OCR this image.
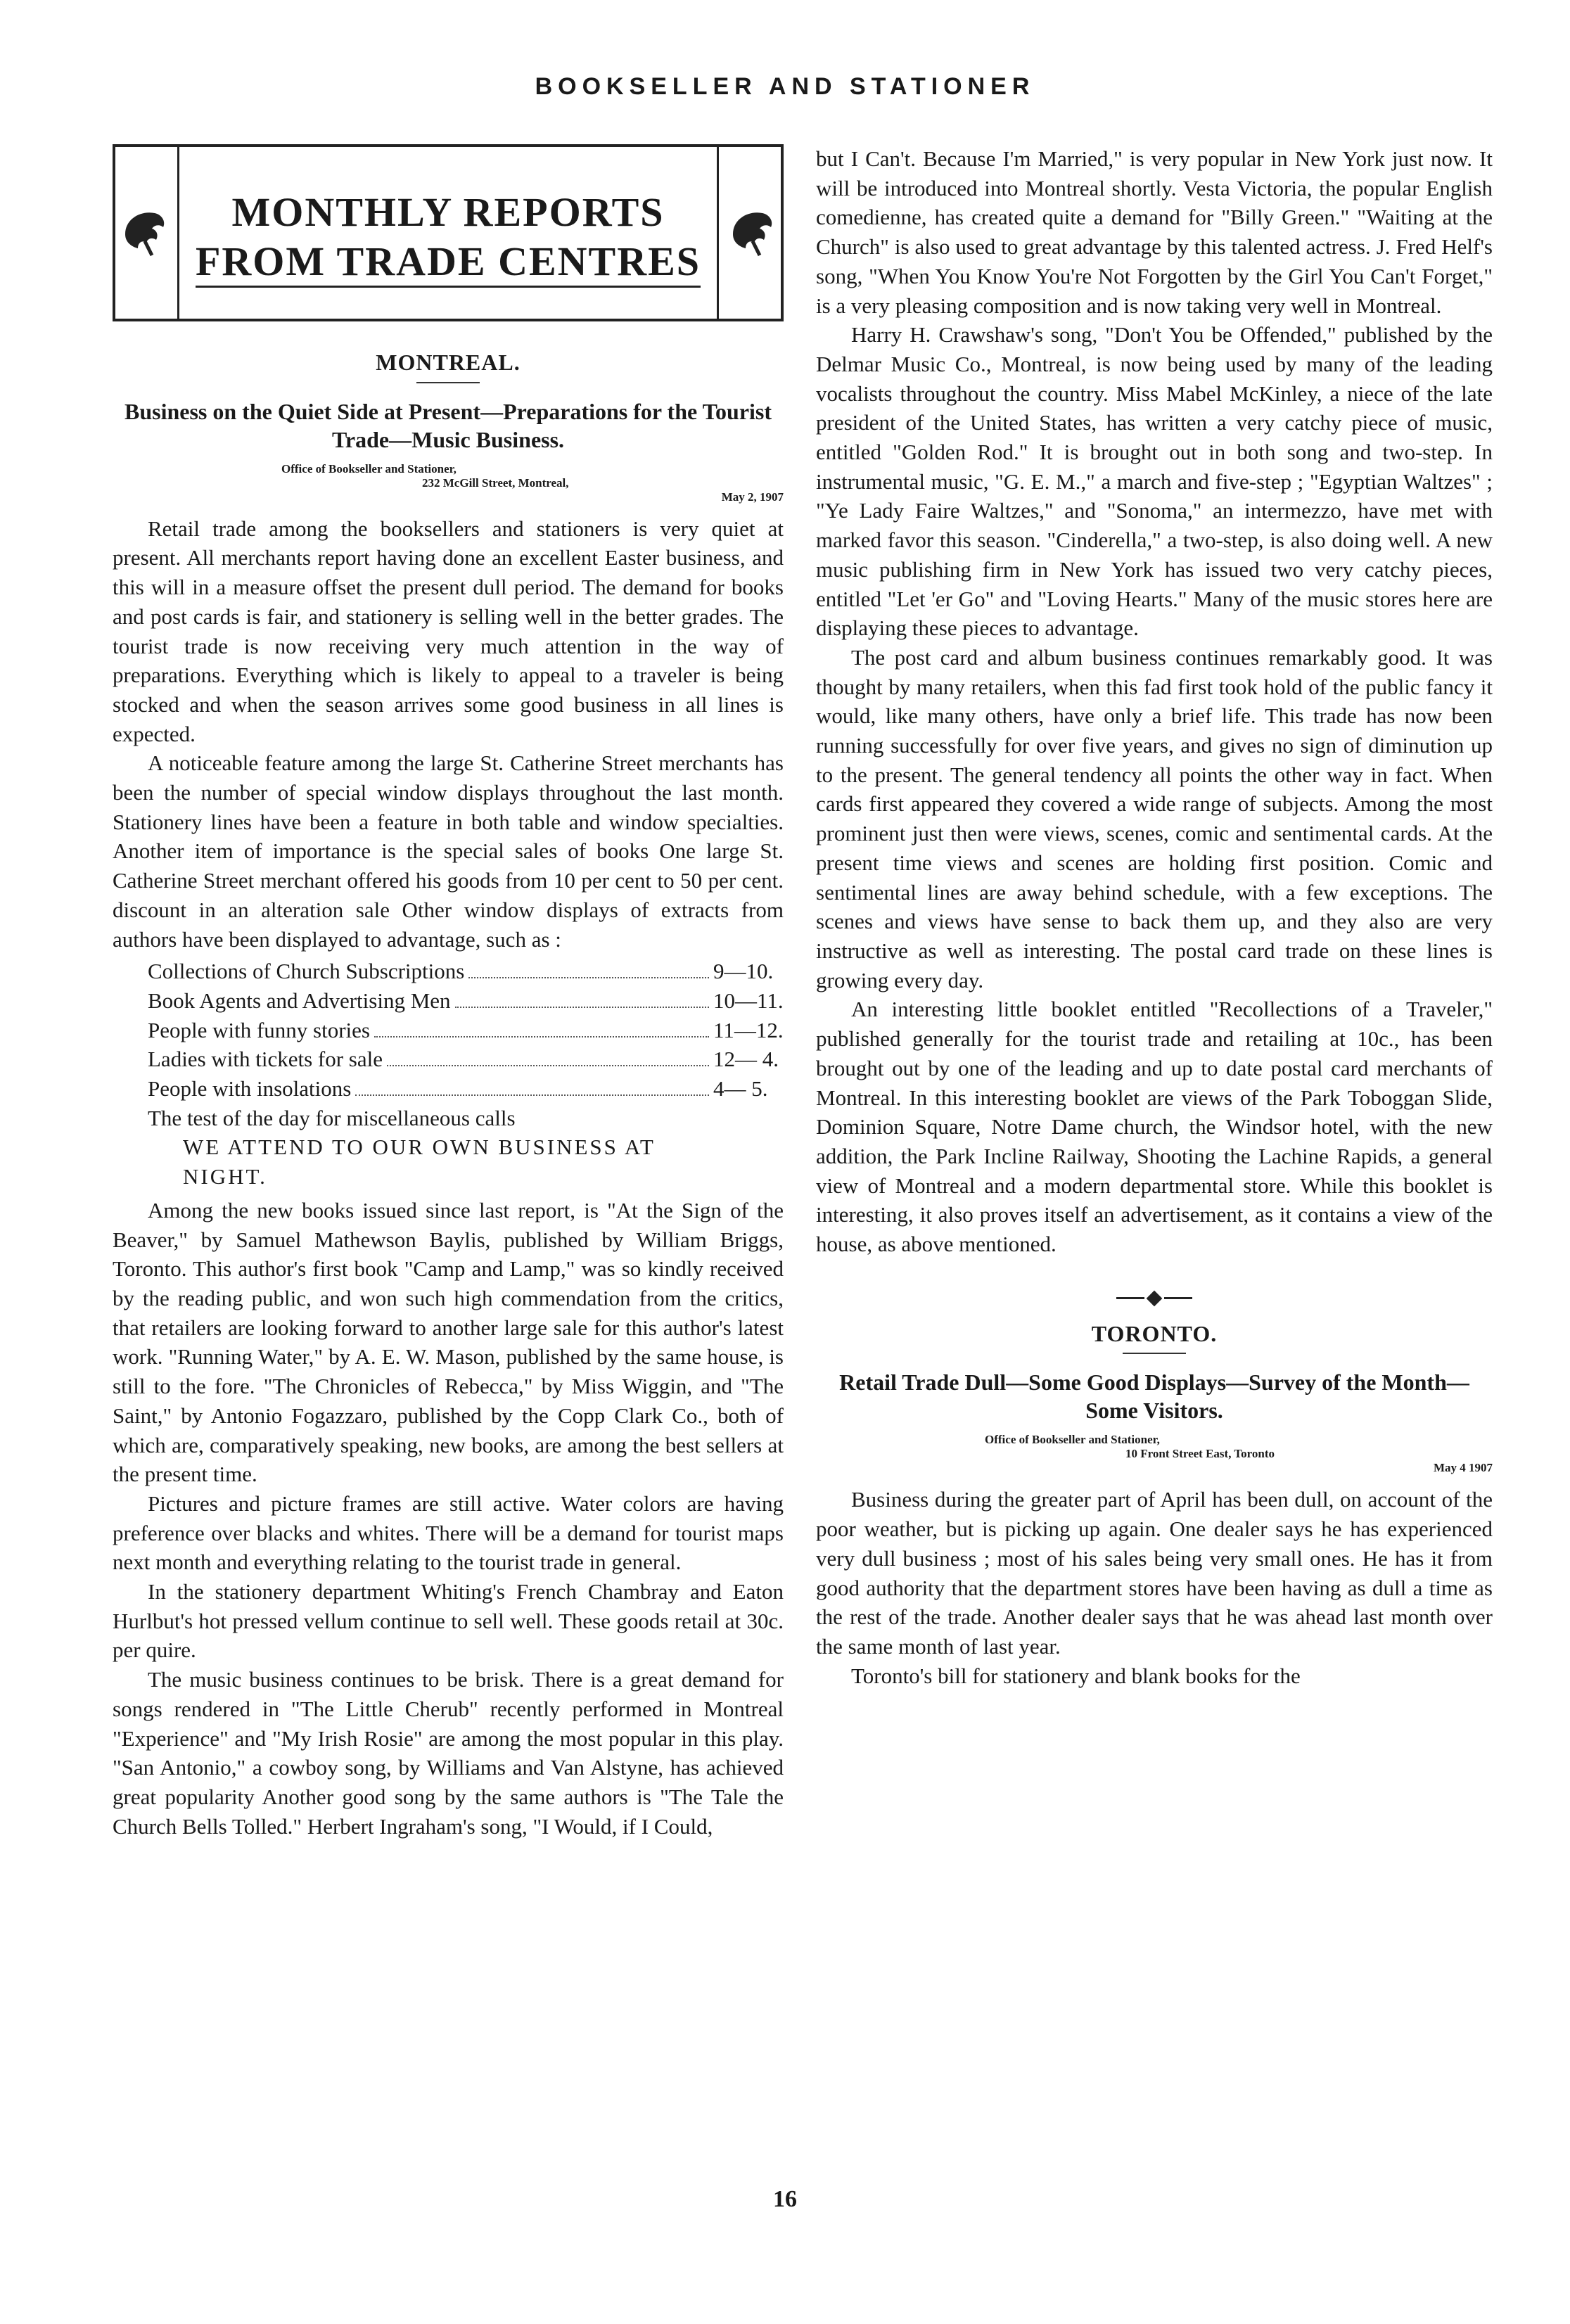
BOOKSELLER AND STATIONER
MONTHLY REPORTS
FROM TRADE CENTRES
MONTREAL.
Business on the Quiet Side at Present—Preparations for the Tourist Trade—Music Business.
Office of Bookseller and Stationer,
232 McGill Street, Montreal,
May 2, 1907

Retail trade among the booksellers and stationers is very quiet at present. All merchants report having done an excellent Easter business, and this will in a measure offset the present dull period. The demand for books and post cards is fair, and stationery is selling well in the better grades. The tourist trade is now receiving very much attention in the way of preparations. Everything which is likely to appeal to a traveler is being stocked and when the season arrives some good business in all lines is expected.

A noticeable feature among the large St. Catherine Street merchants has been the number of special window displays throughout the last month. Stationery lines have been a feature in both table and window specialties. Another item of importance is the special sales of books One large St. Catherine Street merchant offered his goods from 10 per cent to 50 per cent. discount in an alteration sale Other window displays of extracts from authors have been displayed to advantage, such as :

Collections of Church Subscriptions	9—10.
Book Agents and Advertising Men	10—11.
People with funny stories	11—12.
Ladies with tickets for sale	12— 4.
People with insolations	4— 5.

The test of the day for miscellaneous calls

WE ATTEND TO OUR OWN BUSINESS AT

NIGHT.

Among the new books issued since last report, is "At the Sign of the Beaver," by Samuel Mathewson Baylis, published by William Briggs, Toronto. This author's first book "Camp and Lamp," was so kindly received by the reading public, and won such high commendation from the critics, that retailers are looking forward to another large sale for this author's latest work. "Running Water," by A. E. W. Mason, published by the same house, is still to the fore. "The Chronicles of Rebecca," by Miss Wiggin, and "The Saint," by Antonio Fogazzaro, published by the Copp Clark Co., both of which are, comparatively speaking, new books, are among the best sellers at the present time.

Pictures and picture frames are still active. Water colors are having preference over blacks and whites. There will be a demand for tourist maps next month and everything relating to the tourist trade in general.

In the stationery department Whiting's French Chambray and Eaton Hurlbut's hot pressed vellum continue to sell well. These goods retail at 30c. per quire.

The music business continues to be brisk. There is a great demand for songs rendered in "The Little Cherub" recently performed in Montreal "Experience" and "My Irish Rosie" are among the most popular in this play. "San Antonio," a cowboy song, by Williams and Van Alstyne, has achieved great popularity Another good song by the same authors is "The Tale the Church Bells Tolled." Herbert Ingraham's song, "I Would, if I Could,

but I Can't. Because I'm Married," is very popular in New York just now. It will be introduced into Montreal shortly. Vesta Victoria, the popular English comedienne, has created quite a demand for "Billy Green." "Waiting at the Church" is also used to great advantage by this talented actress. J. Fred Helf's song, "When You Know You're Not Forgotten by the Girl You Can't Forget," is a very pleasing composition and is now taking very well in Montreal.

Harry H. Crawshaw's song, "Don't You be Offended," published by the Delmar Music Co., Montreal, is now being used by many of the leading vocalists throughout the country. Miss Mabel McKinley, a niece of the late president of the United States, has written a very catchy piece of music, entitled "Golden Rod." It is brought out in both song and two-step. In instrumental music, "G. E. M.," a march and five-step ; "Egyptian Waltzes" ; "Ye Lady Faire Waltzes," and "Sonoma," an intermezzo, have met with marked favor this season. "Cinderella," a two-step, is also doing well. A new music publishing firm in New York has issued two very catchy pieces, entitled "Let 'er Go" and "Loving Hearts." Many of the music stores here are displaying these pieces to advantage.

The post card and album business continues remarkably good. It was thought by many retailers, when this fad first took hold of the public fancy it would, like many others, have only a brief life. This trade has now been running successfully for over five years, and gives no sign of diminution up to the present. The general tendency all points the other way in fact. When cards first appeared they covered a wide range of subjects. Among the most prominent just then were views, scenes, comic and sentimental cards. At the present time views and scenes are holding first position. Comic and sentimental lines are away behind schedule, with a few exceptions. The scenes and views have sense to back them up, and they also are very instructive as well as interesting. The postal card trade on these lines is growing every day.

An interesting little booklet entitled "Recollections of a Traveler," published generally for the tourist trade and retailing at 10c., has been brought out by one of the leading and up to date postal card merchants of Montreal. In this interesting booklet are views of the Park Toboggan Slide, Dominion Square, Notre Dame church, the Windsor hotel, with the new addition, the Park Incline Railway, Shooting the Lachine Rapids, a general view of Montreal and a modern departmental store. While this booklet is interesting, it also proves itself an advertisement, as it contains a view of the house, as above mentioned.

TORONTO.
Retail Trade Dull—Some Good Displays—Survey of the Month—Some Visitors.
Office of Bookseller and Stationer,
10 Front Street East, Toronto
May 4 1907

Business during the greater part of April has been dull, on account of the poor weather, but is picking up again. One dealer says he has experienced very dull business ; most of his sales being very small ones. He has it from good authority that the department stores have been having as dull a time as the rest of the trade. Another dealer says that he was ahead last month over the same month of last year.

Toronto's bill for stationery and blank books for the

16
